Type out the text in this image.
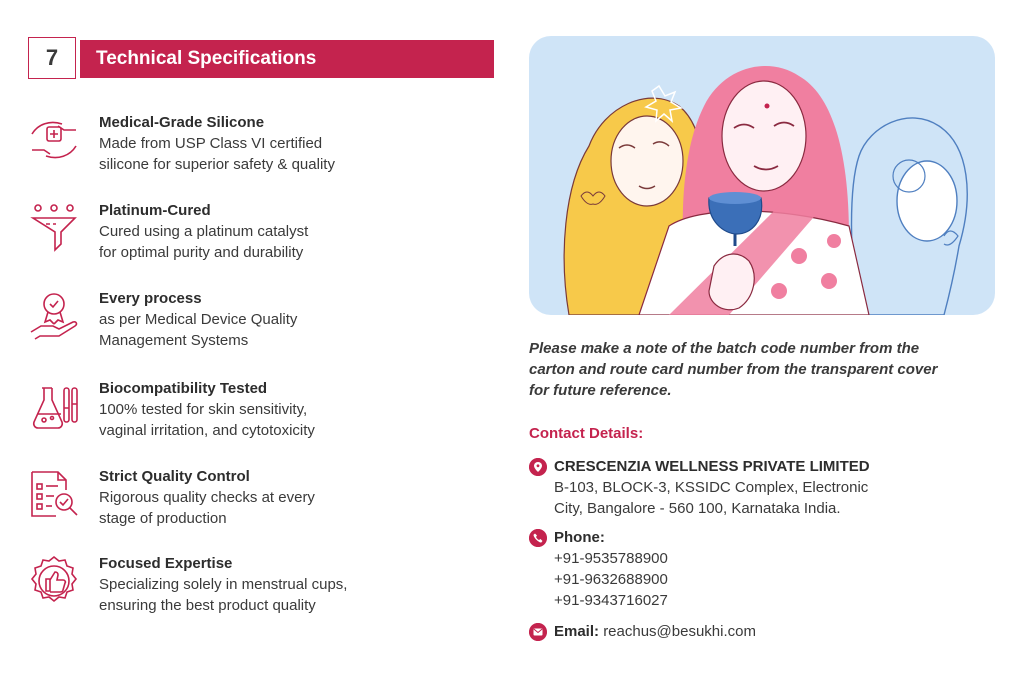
7	Technical Specifications
Medical-Grade Silicone
Made from USP Class VI certified
silicone for superior safety & quality
Platinum-Cured
Cured using a platinum catalyst
for optimal purity and durability
Every process
as per Medical Device Quality
Management Systems
Biocompatibility Tested
100% tested for skin sensitivity,
vaginal irritation, and cytotoxicity
Strict Quality Control
Rigorous quality checks at every
stage of production
Focused Expertise
Specializing solely in menstrual cups,
ensuring the best product quality
Please make a note of the batch code number from the
carton and route card number from the transparent cover
for future reference.
Contact Details:
CRESCENZIA WELLNESS PRIVATE LIMITED
B-103, BLOCK-3, KSSIDC Complex, Electronic
City, Bangalore - 560 100, Karnataka India.
Phone:
+91-9535788900
+91-9632688900
+91-9343716027
Email: reachus@besukhi.com
